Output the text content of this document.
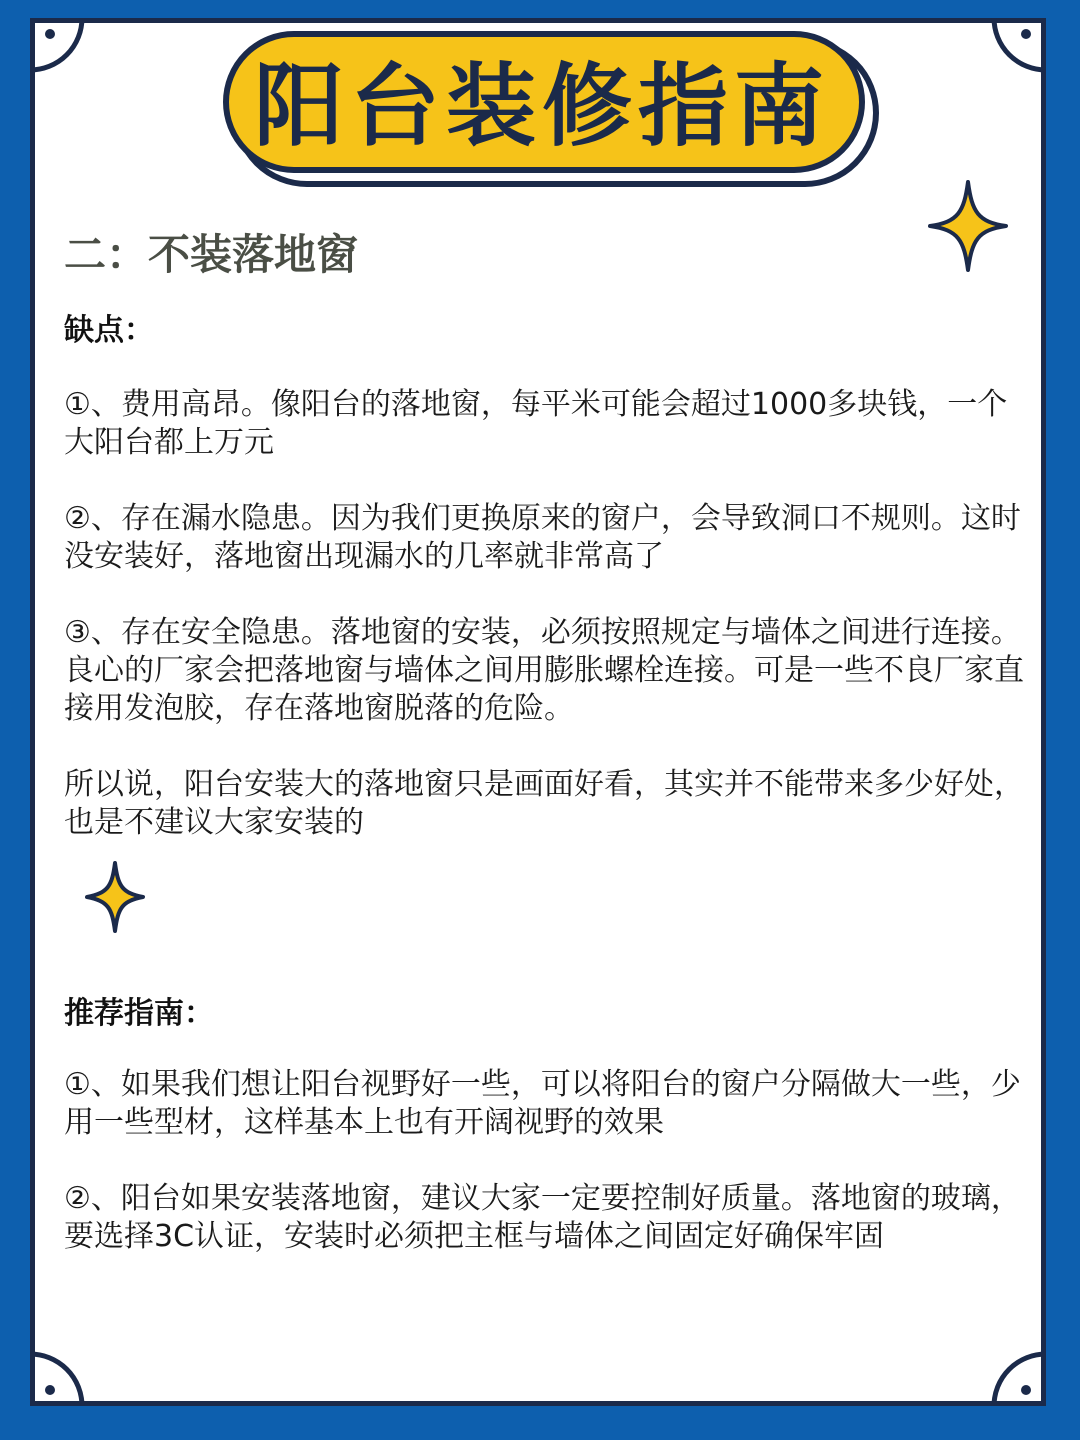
阳台装修指南
二：不装落地窗
缺点：
①、费用高昂。像阳台的落地窗，每平米可能会超过1000多块钱，一个大阳台都上万元
②、存在漏水隐患。因为我们更换原来的窗户，会导致洞口不规则。这时没安装好，落地窗出现漏水的几率就非常高了
③、存在安全隐患。落地窗的安装，必须按照规定与墙体之间进行连接。良心的厂家会把落地窗与墙体之间用膨胀螺栓连接。可是一些不良厂家直接用发泡胶，存在落地窗脱落的危险。
所以说，阳台安装大的落地窗只是画面好看，其实并不能带来多少好处，也是不建议大家安装的
推荐指南：
①、如果我们想让阳台视野好一些，可以将阳台的窗户分隔做大一些，少用一些型材，这样基本上也有开阔视野的效果
②、阳台如果安装落地窗，建议大家一定要控制好质量。落地窗的玻璃，要选择3C认证，安装时必须把主框与墙体之间固定好确保牢固
